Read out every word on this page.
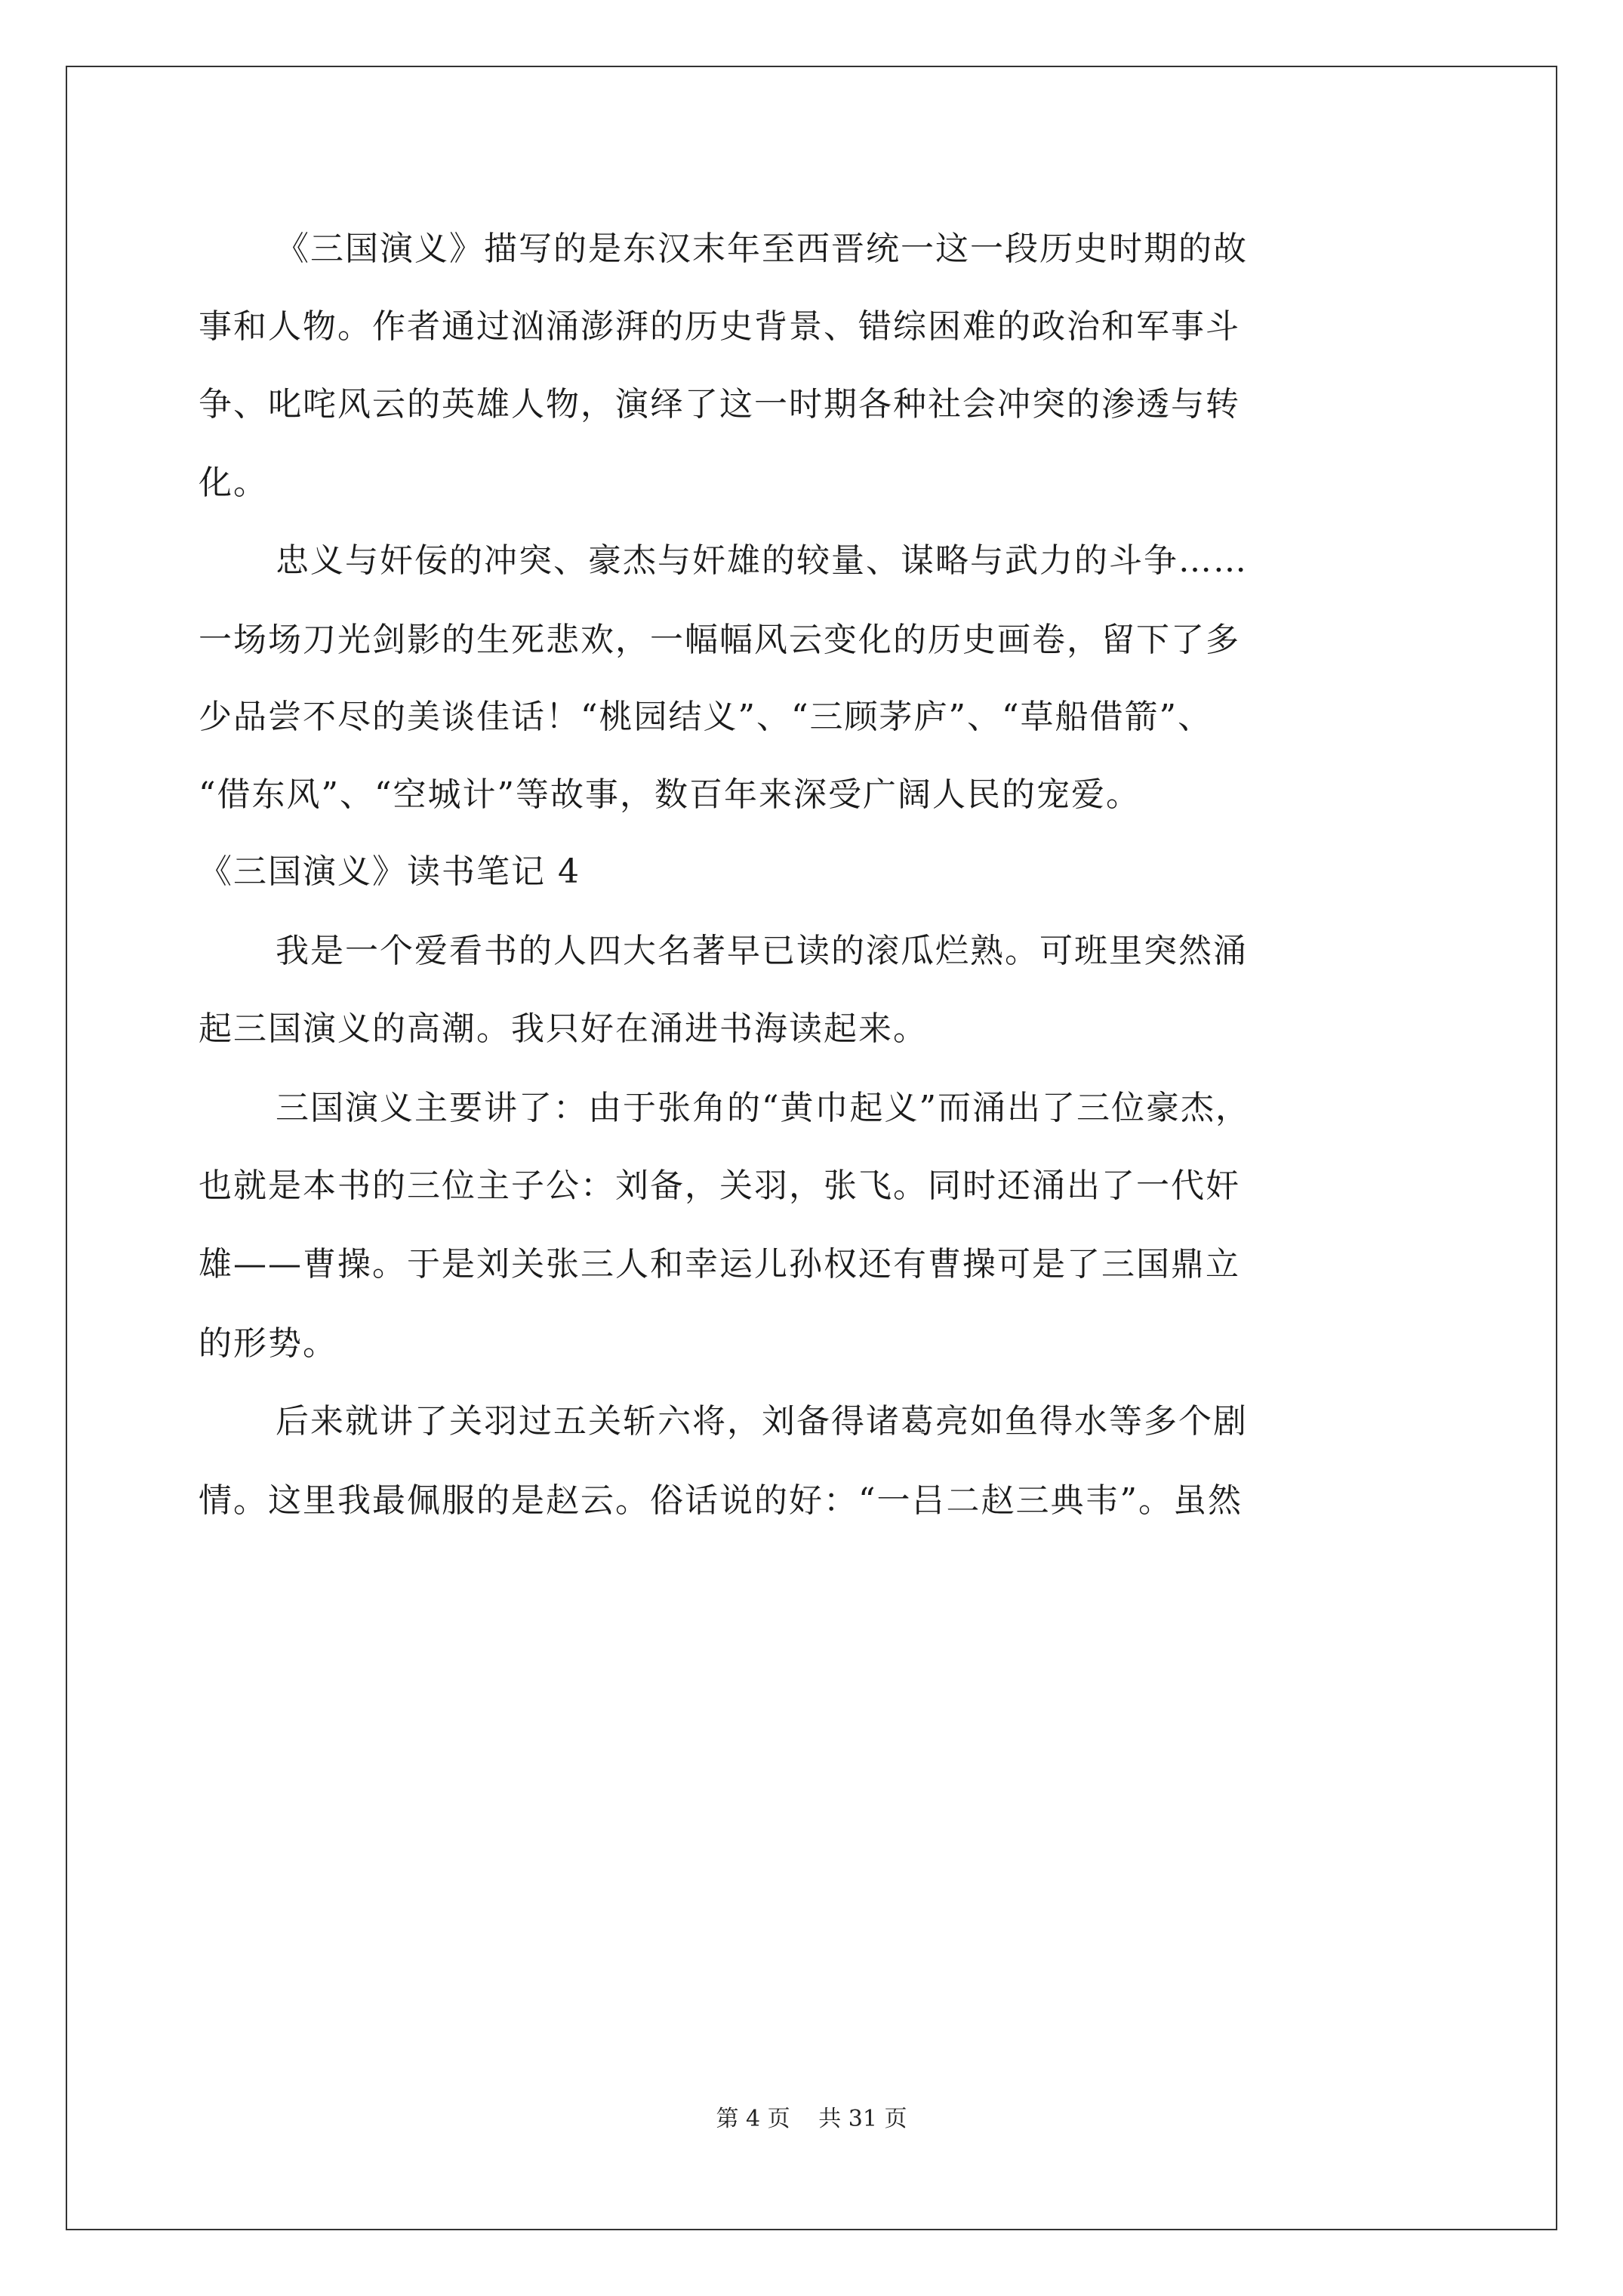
《三国演义》描写的是东汉末年至西晋统一这一段历史时期的故
事和人物。作者通过汹涌澎湃的历史背景、错综困难的政治和军事斗
争、叱咤风云的英雄人物，演绎了这一时期各种社会冲突的渗透与转
化。
忠义与奸佞的冲突、豪杰与奸雄的较量、谋略与武力的斗争……
一场场刀光剑影的生死悲欢，一幅幅风云变化的历史画卷，留下了多
少品尝不尽的美谈佳话！“桃园结义”、“三顾茅庐”、“草船借箭”、
“借东风”、“空城计”等故事，数百年来深受广阔人民的宠爱。
《三国演义》读书笔记 4
我是一个爱看书的人四大名著早已读的滚瓜烂熟。可班里突然涌
起三国演义的高潮。我只好在涌进书海读起来。
三国演义主要讲了：由于张角的“黄巾起义”而涌出了三位豪杰，
也就是本书的三位主子公：刘备，关羽，张飞。同时还涌出了一代奸
雄——曹操。于是刘关张三人和幸运儿孙权还有曹操可是了三国鼎立
的形势。
后来就讲了关羽过五关斩六将，刘备得诸葛亮如鱼得水等多个剧
情。这里我最佩服的是赵云。俗话说的好：“一吕二赵三典韦”。虽然
第 4 页 共 31 页
